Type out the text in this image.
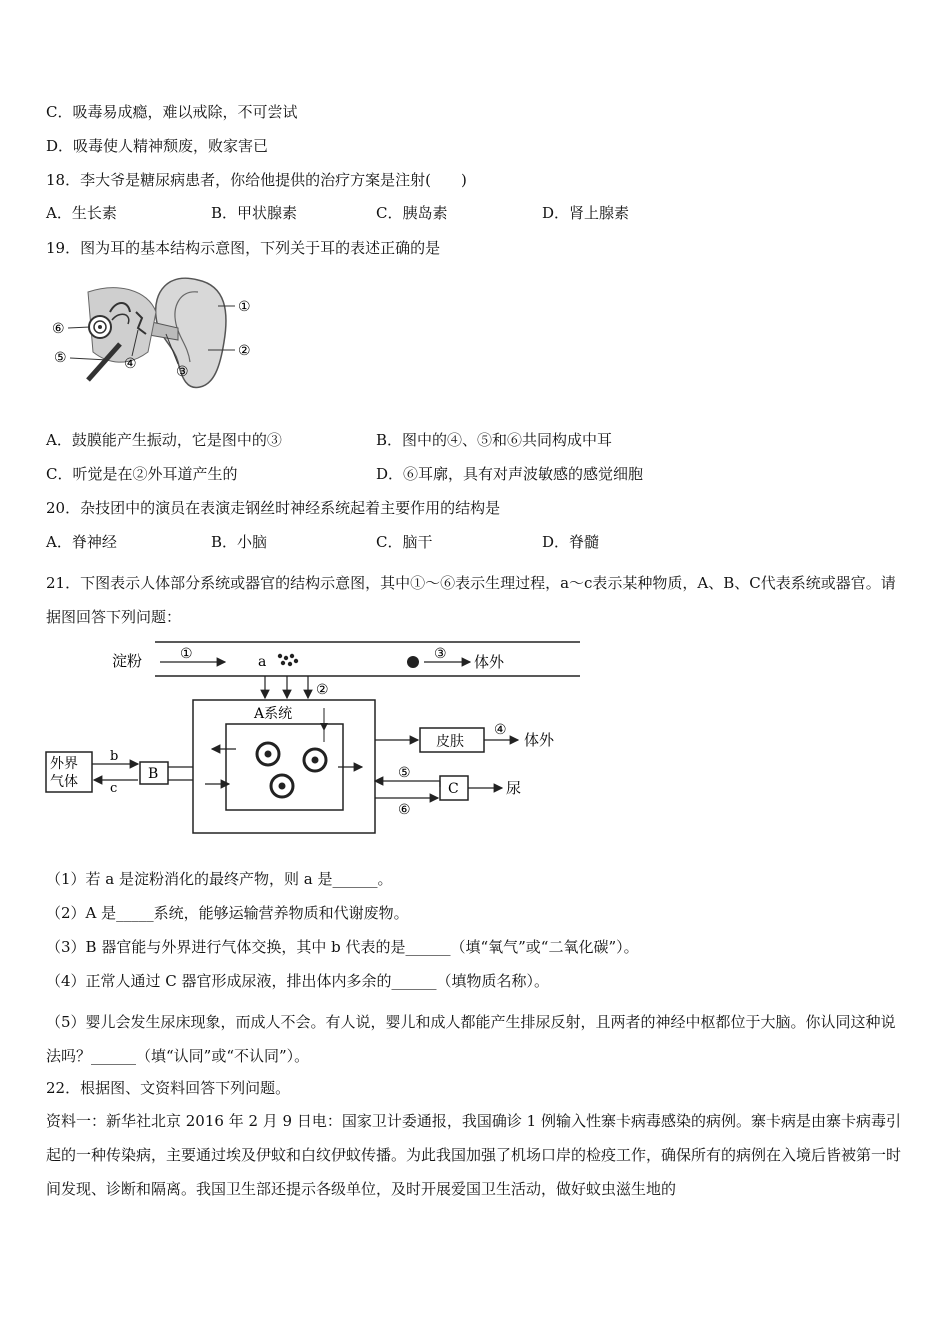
C．吸毒易成瘾，难以戒除，不可尝试
D．吸毒使人精神颓废，败家害已
18．李大爷是糖尿病患者，你给他提供的治疗方案是注射(　　)
A．生长素	B．甲状腺素	C．胰岛素	D．肾上腺素
19．图为耳的基本结构示意图，下列关于耳的表述正确的是
①
②
③
④
⑤
⑥
A．鼓膜能产生振动，它是图中的③	B．图中的④、⑤和⑥共同构成中耳
C．听觉是在②外耳道产生的	D．⑥耳廓，具有对声波敏感的感觉细胞
20．杂技团中的演员在表演走钢丝时神经系统起着主要作用的结构是
A．脊神经	B．小脑	C．脑干	D．脊髓
21．下图表示人体部分系统或器官的结构示意图，其中①～⑥表示生理过程，a～c表示某种物质，A、B、C代表系统或器官。请据图回答下列问题：
淀粉	①	a	③ 体外
②
A系统
外界
气体
b
c
B
皮肤
④
体外
⑤
⑥
C	尿
（1）若 a 是淀粉消化的最终产物，则 a 是______。
（2）A 是_____系统，能够运输营养物质和代谢废物。
（3）B 器官能与外界进行气体交换，其中 b 代表的是______（填“氧气”或“二氧化碳”）。
（4）正常人通过 C 器官形成尿液，排出体内多余的______（填物质名称）。
（5）婴儿会发生尿床现象，而成人不会。有人说，婴儿和成人都能产生排尿反射，且两者的神经中枢都位于大脑。你认同这种说法吗？______（填“认同”或“不认同”）。
22．根据图、文资料回答下列问题。
资料一：新华社北京 2016 年 2 月 9 日电：国家卫计委通报，我国确诊 1 例输入性寨卡病毒感染的病例。寨卡病是由寨卡病毒引起的一种传染病，主要通过埃及伊蚊和白纹伊蚊传播。为此我国加强了机场口岸的检疫工作，确保所有的病例在入境后皆被第一时间发现、诊断和隔离。我国卫生部还提示各级单位，及时开展爱国卫生活动，做好蚊虫滋生地的
